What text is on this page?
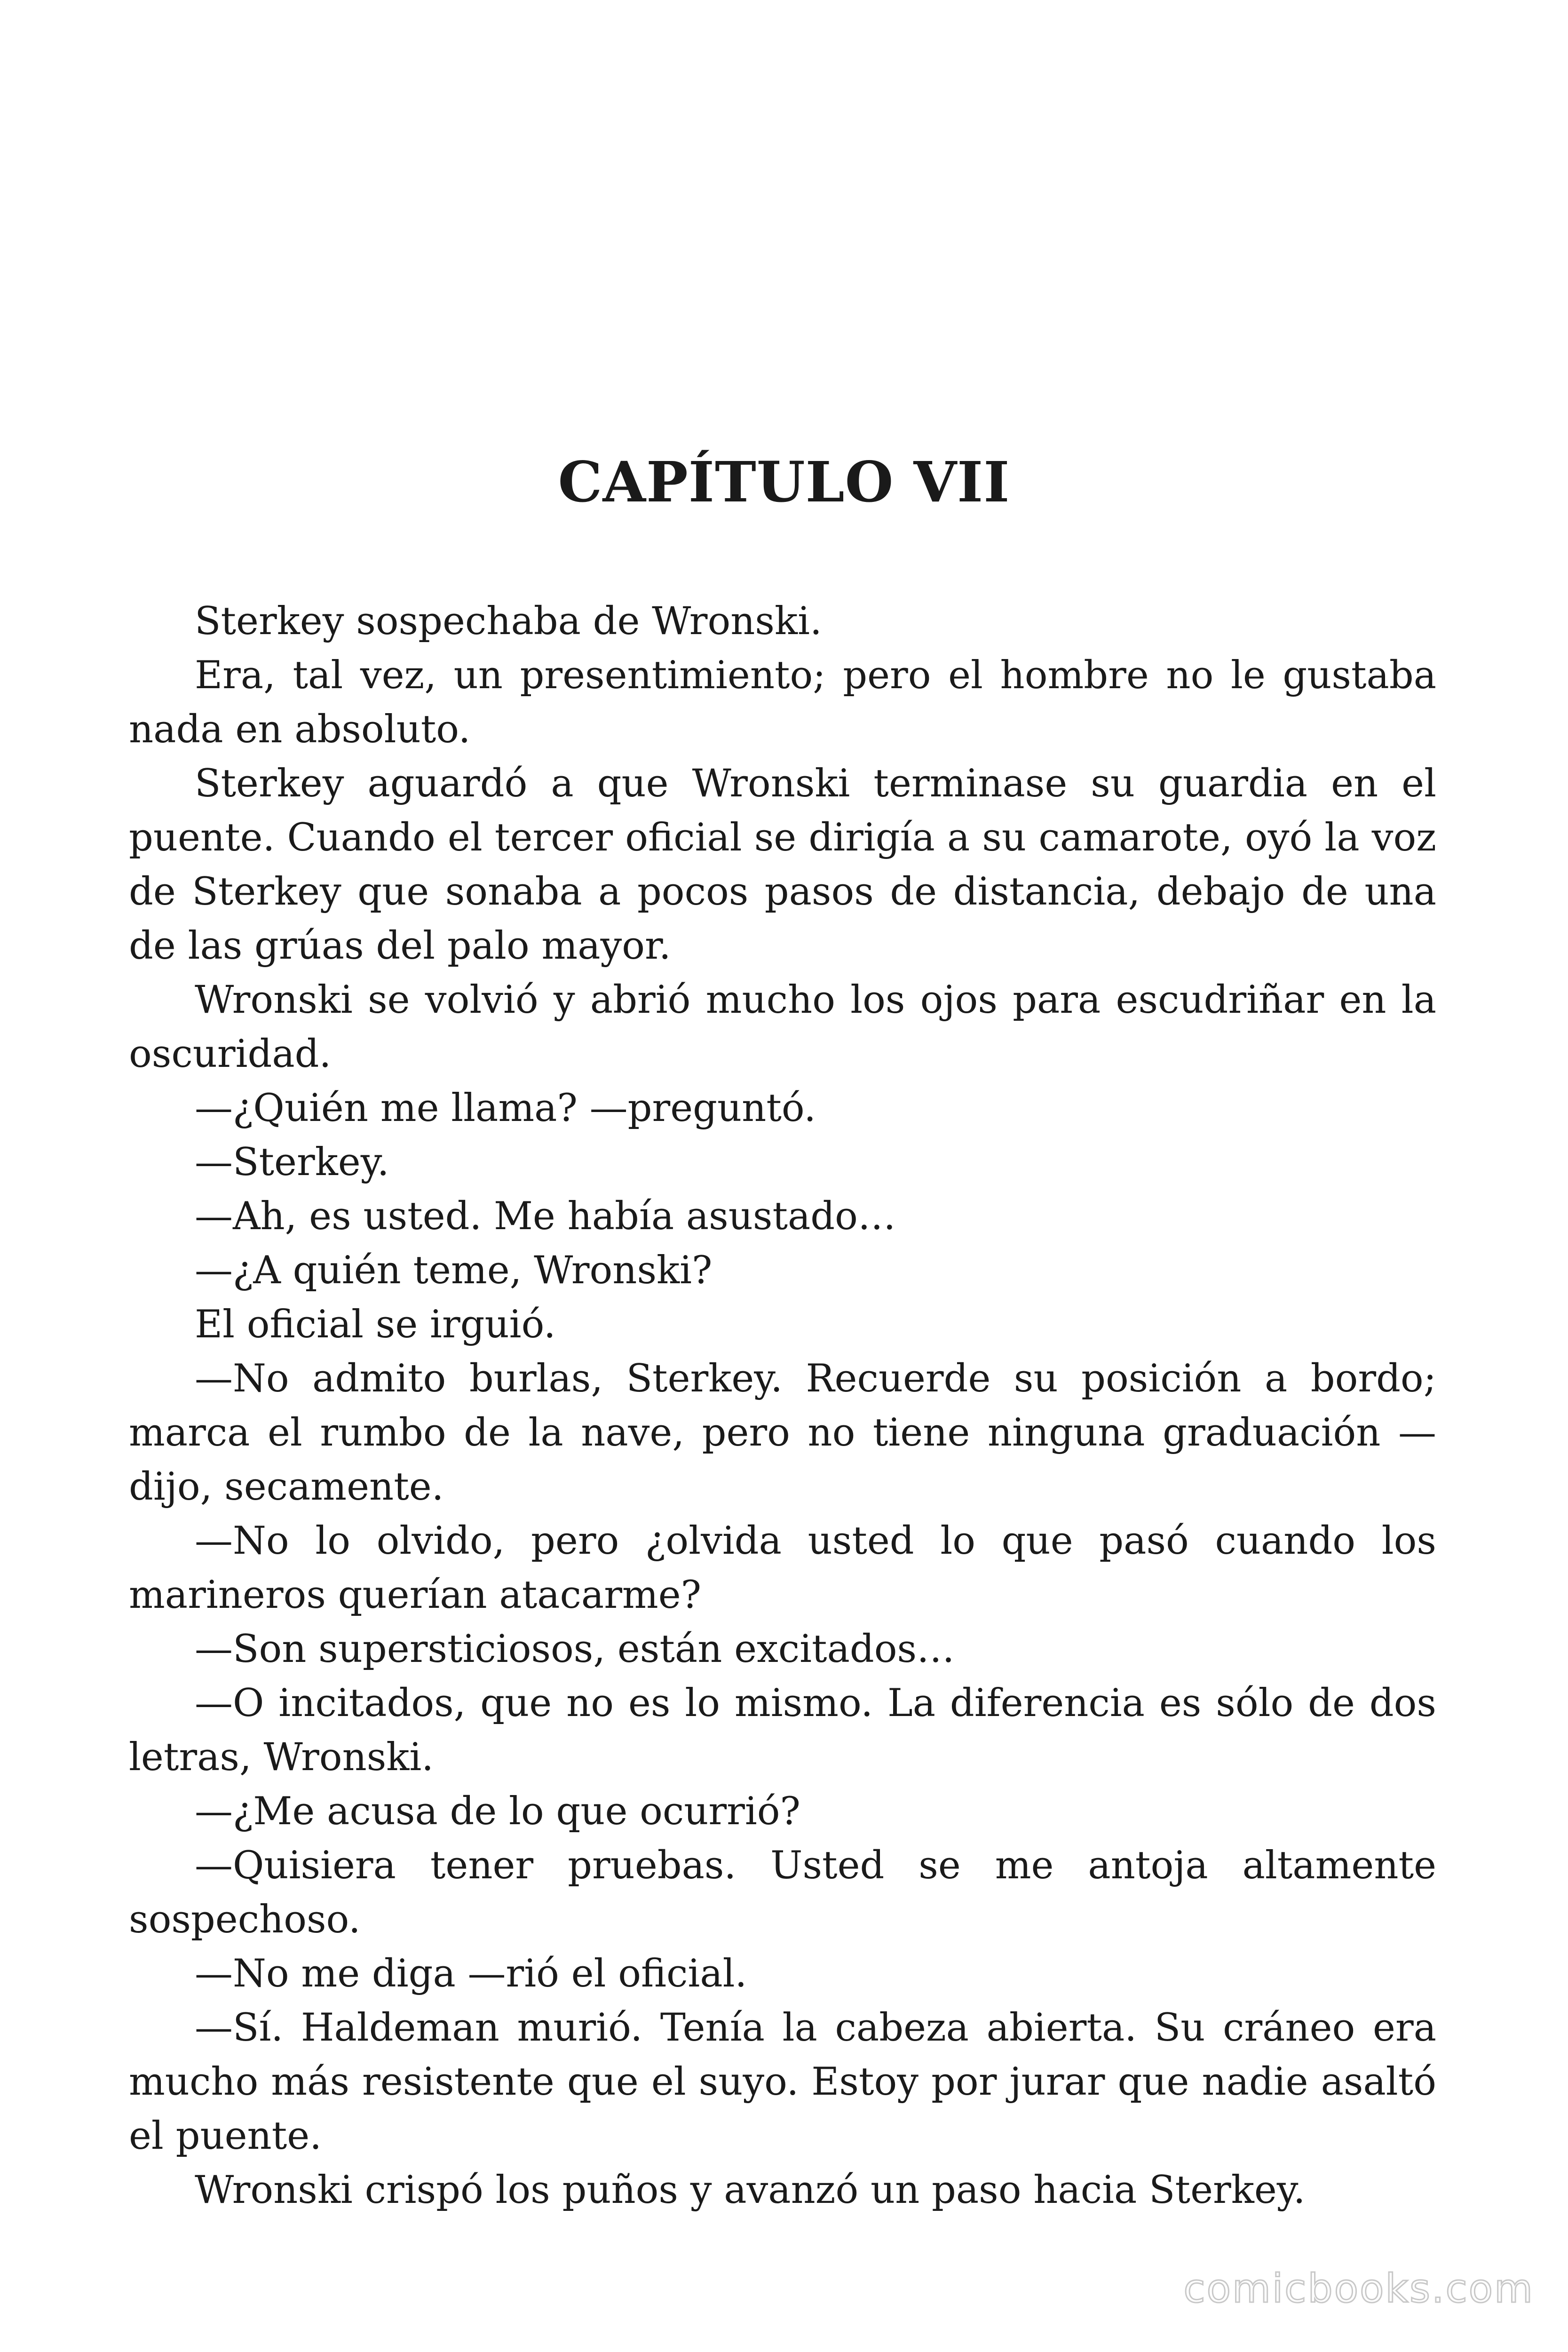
CAPÍTULO VII

Sterkey sospechaba de Wronski.

Era, tal vez, un presentimiento; pero el hombre no le gustaba nada en absoluto.

Sterkey aguardó a que Wronski terminase su guardia en el puente. Cuando el tercer oficial se dirigía a su camarote, oyó la voz de Sterkey que sonaba a pocos pasos de distancia, debajo de una de las grúas del palo mayor.

Wronski se volvió y abrió mucho los ojos para escudriñar en la oscuridad.

—¿Quién me llama? —preguntó.

—Sterkey.

—Ah, es usted. Me había asustado…

—¿A quién teme, Wronski?

El oficial se irguió.

—No admito burlas, Sterkey. Recuerde su posición a bordo; marca el rumbo de la nave, pero no tiene ninguna graduación —dijo, secamente.

—No lo olvido, pero ¿olvida usted lo que pasó cuando los marineros querían atacarme?

—Son supersticiosos, están excitados…

—O incitados, que no es lo mismo. La diferencia es sólo de dos letras, Wronski.

—¿Me acusa de lo que ocurrió?

—Quisiera tener pruebas. Usted se me antoja altamente sospechoso.

—No me diga —rió el oficial.

—Sí. Haldeman murió. Tenía la cabeza abierta. Su cráneo era mucho más resistente que el suyo. Estoy por jurar que nadie asaltó el puente.

Wronski crispó los puños y avanzó un paso hacia Sterkey.

comicbooks.com
